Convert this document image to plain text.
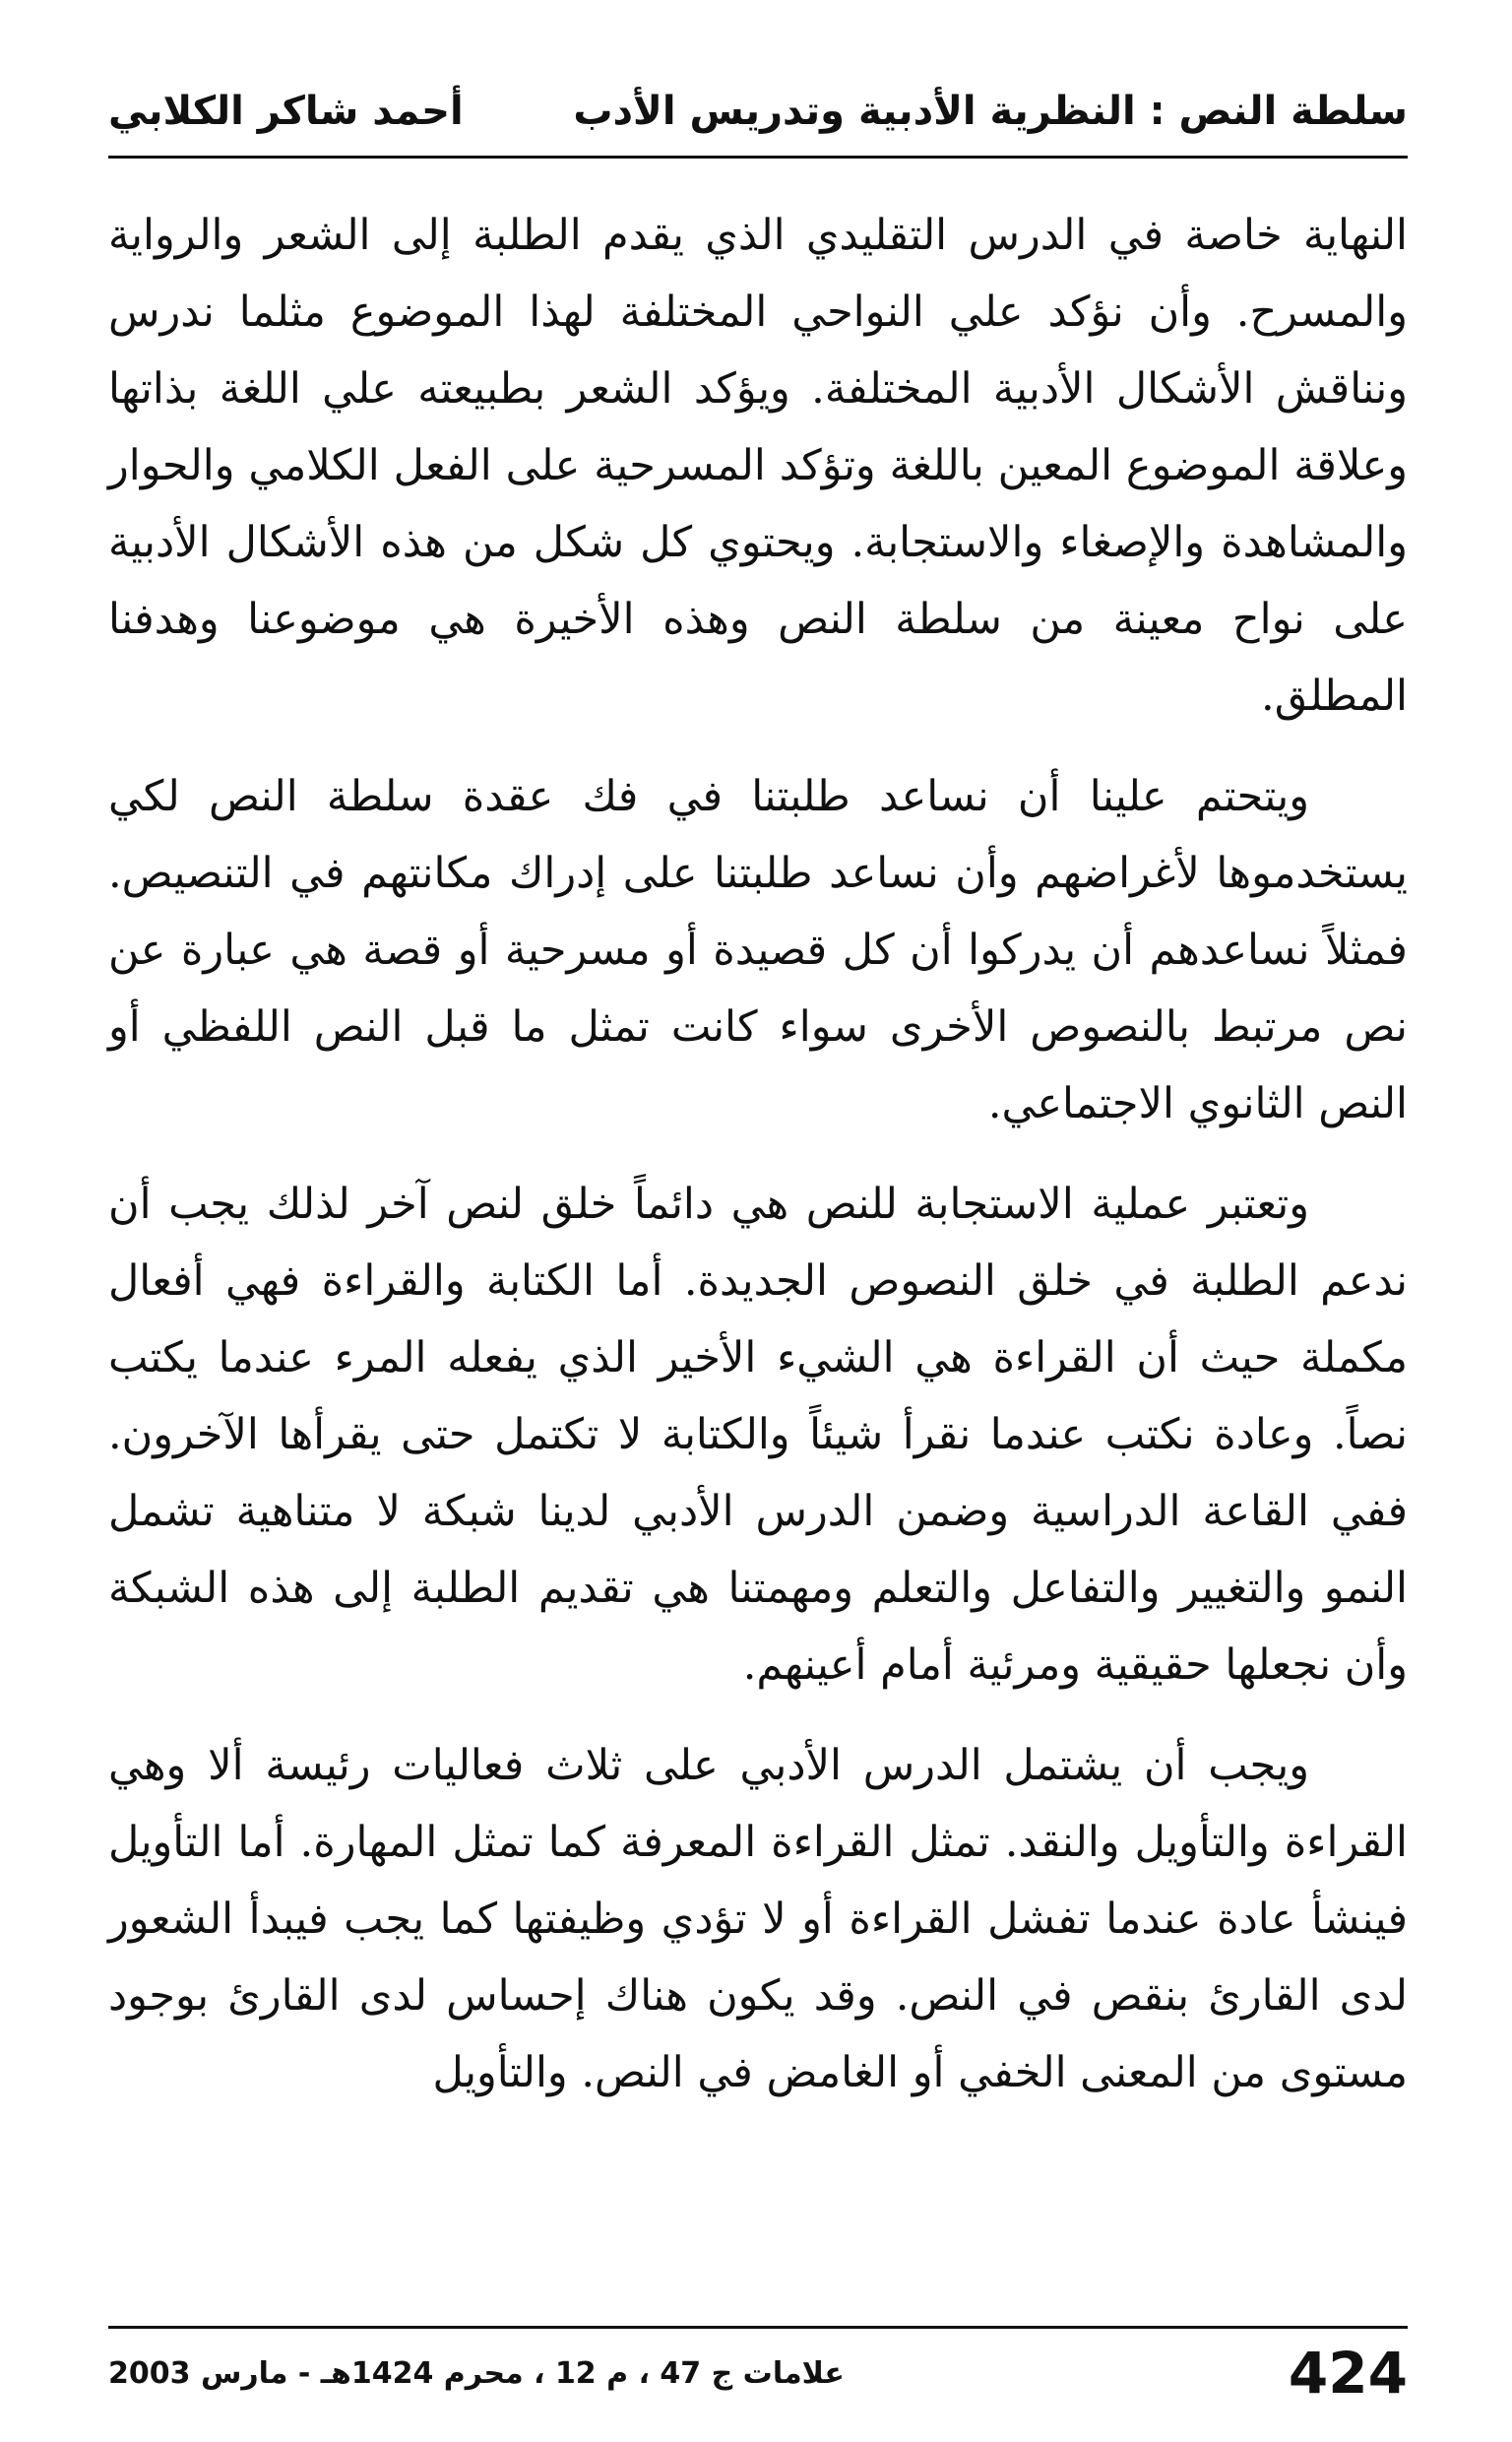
سلطة النص : النظرية الأدبية وتدريس الأدب
أحمد شاكر الكلابي

النهاية خاصة في الدرس التقليدي الذي يقدم الطلبة إلى الشعر والرواية والمسرح. وأن نؤكد علي النواحي المختلفة لهذا الموضوع مثلما ندرس ونناقش الأشكال الأدبية المختلفة. ويؤكد الشعر بطبيعته علي اللغة بذاتها وعلاقة الموضوع المعين باللغة وتؤكد المسرحية على الفعل الكلامي والحوار والمشاهدة والإصغاء والاستجابة. ويحتوي كل شكل من هذه الأشكال الأدبية على نواح معينة من سلطة النص وهذه الأخيرة هي موضوعنا وهدفنا المطلق.

ويتحتم علينا أن نساعد طلبتنا في فك عقدة سلطة النص لكي يستخدموها لأغراضهم وأن نساعد طلبتنا على إدراك مكانتهم في التنصيص. فمثلاً نساعدهم أن يدركوا أن كل قصيدة أو مسرحية أو قصة هي عبارة عن نص مرتبط بالنصوص الأخرى سواء كانت تمثل ما قبل النص اللفظي أو النص الثانوي الاجتماعي.

وتعتبر عملية الاستجابة للنص هي دائماً خلق لنص آخر لذلك يجب أن ندعم الطلبة في خلق النصوص الجديدة. أما الكتابة والقراءة فهي أفعال مكملة حيث أن القراءة هي الشيء الأخير الذي يفعله المرء عندما يكتب نصاً. وعادة نكتب عندما نقرأ شيئاً والكتابة لا تكتمل حتى يقرأها الآخرون. ففي القاعة الدراسية وضمن الدرس الأدبي لدينا شبكة لا متناهية تشمل النمو والتغيير والتفاعل والتعلم ومهمتنا هي تقديم الطلبة إلى هذه الشبكة وأن نجعلها حقيقية ومرئية أمام أعينهم.

ويجب أن يشتمل الدرس الأدبي على ثلاث فعاليات رئيسة ألا وهي القراءة والتأويل والنقد. تمثل القراءة المعرفة كما تمثل المهارة. أما التأويل فينشأ عادة عندما تفشل القراءة أو لا تؤدي وظيفتها كما يجب فيبدأ الشعور لدى القارئ بنقص في النص. وقد يكون هناك إحساس لدى القارئ بوجود مستوى من المعنى الخفي أو الغامض في النص. والتأويل

424
علامات ج 47 ، م 12 ، محرم 1424هـ - مارس 2003
